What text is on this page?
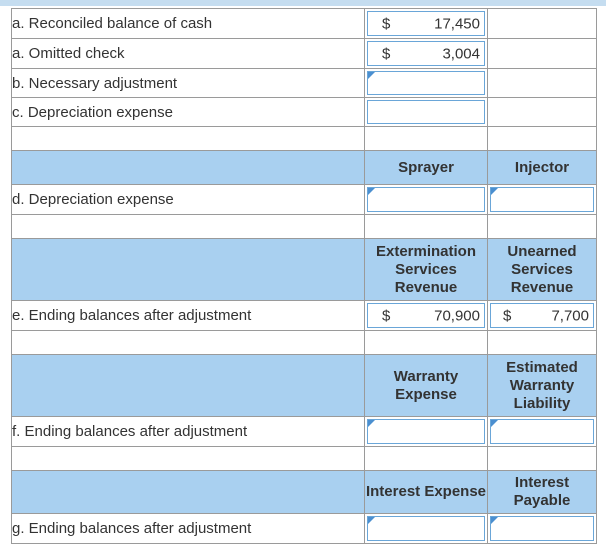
a. Reconciled balance of cash	$ 17,450	

a. Omitted check	$ 3,004	

b. Necessary adjustment	

c. Depreciation expense	

	Sprayer	Injector
d. Depreciation expense	

	Extermination Services Revenue	Unearned Services Revenue
e. Ending balances after adjustment	$ 70,900	$ 7,700

	Warranty Expense	Estimated Warranty Liability
f. Ending balances after adjustment	

	Interest Expense	Interest Payable
g. Ending balances after adjustment	
